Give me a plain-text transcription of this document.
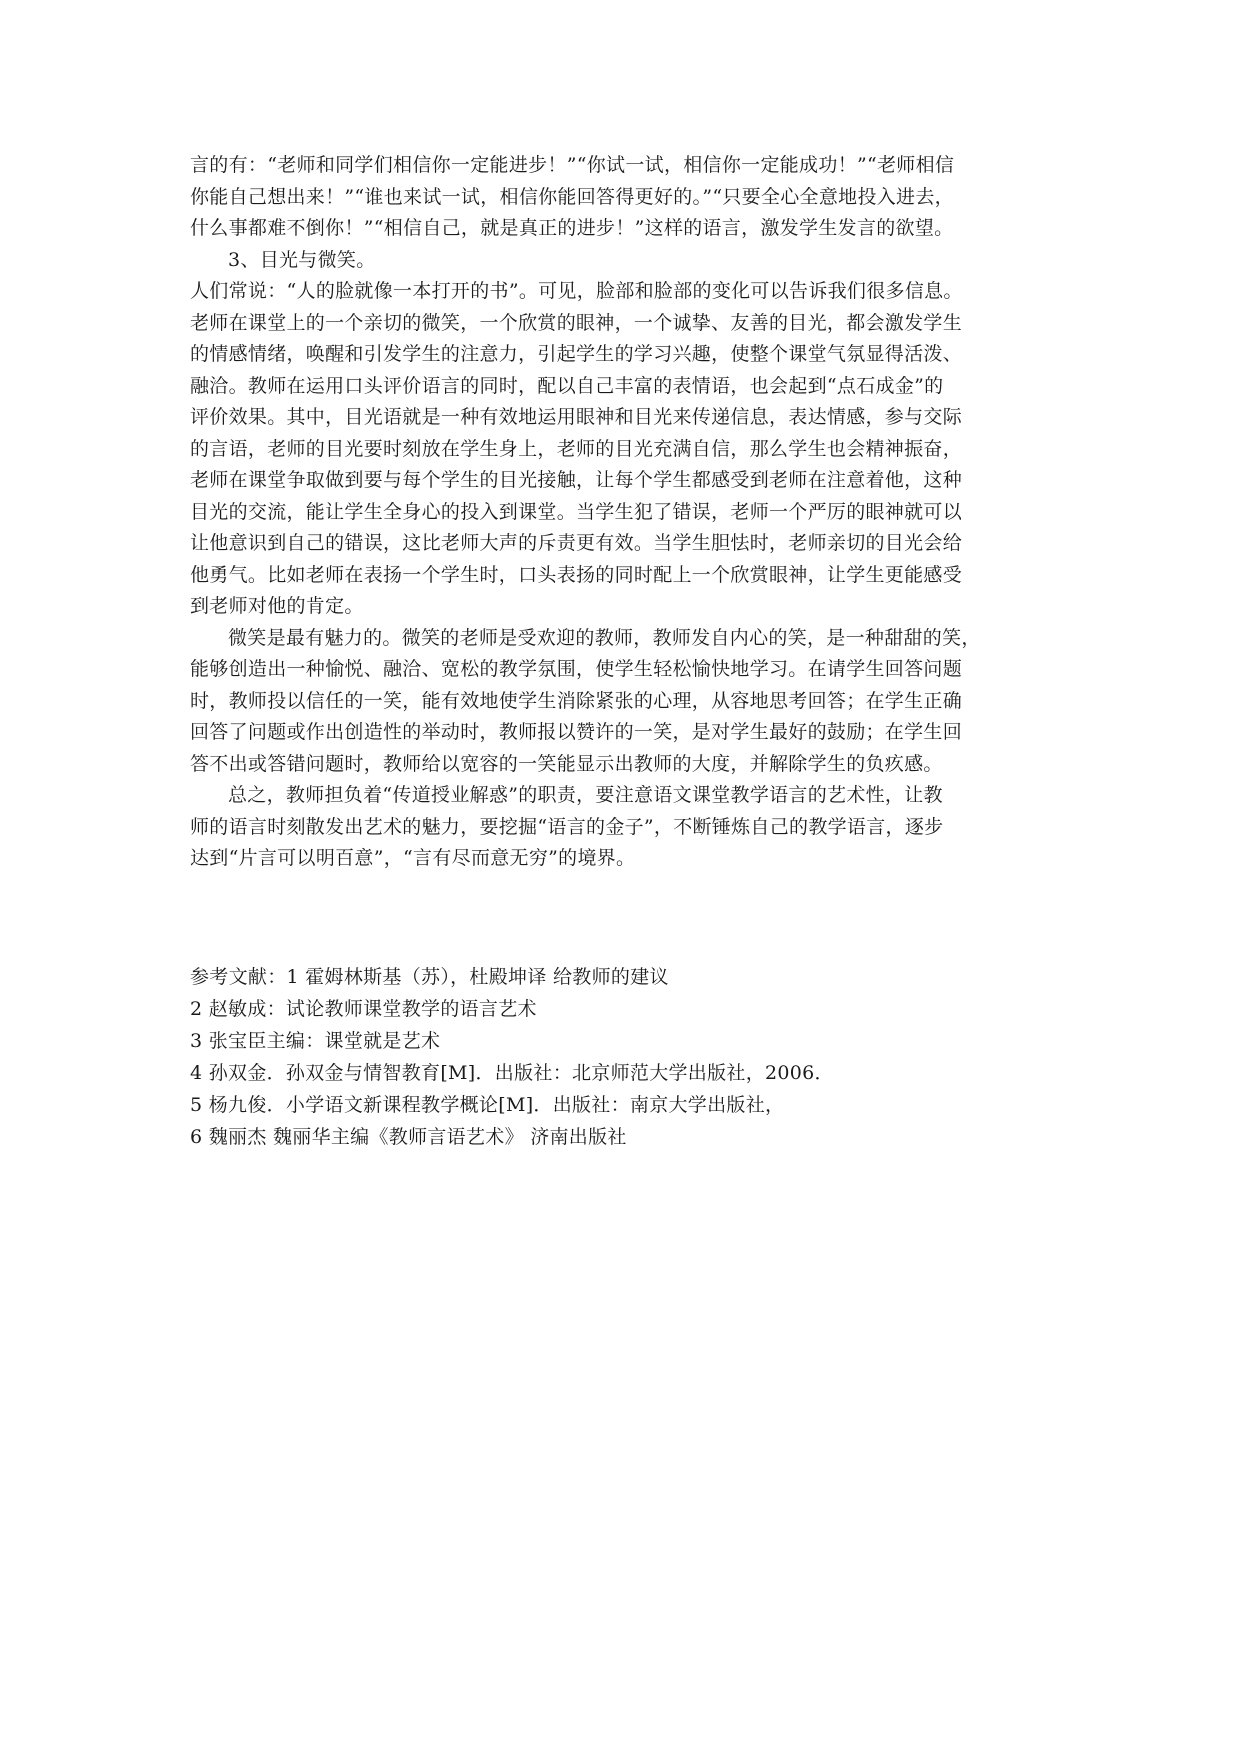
言的有：“老师和同学们相信你一定能进步！”“你试一试，相信你一定能成功！”“老师相信
你能自己想出来！”“谁也来试一试，相信你能回答得更好的。”“只要全心全意地投入进去，
什么事都难不倒你！”“相信自己，就是真正的进步！”这样的语言，激发学生发言的欲望。
3、目光与微笑。
人们常说：“人的脸就像一本打开的书”。可见，脸部和脸部的变化可以告诉我们很多信息。
老师在课堂上的一个亲切的微笑，一个欣赏的眼神，一个诚挚、友善的目光，都会激发学生
的情感情绪，唤醒和引发学生的注意力，引起学生的学习兴趣，使整个课堂气氛显得活泼、
融洽。教师在运用口头评价语言的同时，配以自己丰富的表情语，也会起到“点石成金”的
评价效果。其中，目光语就是一种有效地运用眼神和目光来传递信息，表达情感，参与交际
的言语，老师的目光要时刻放在学生身上，老师的目光充满自信，那么学生也会精神振奋，
老师在课堂争取做到要与每个学生的目光接触，让每个学生都感受到老师在注意着他，这种
目光的交流，能让学生全身心的投入到课堂。当学生犯了错误，老师一个严厉的眼神就可以
让他意识到自己的错误，这比老师大声的斥责更有效。当学生胆怯时，老师亲切的目光会给
他勇气。比如老师在表扬一个学生时，口头表扬的同时配上一个欣赏眼神，让学生更能感受
到老师对他的肯定。
微笑是最有魅力的。微笑的老师是受欢迎的教师，教师发自内心的笑，是一种甜甜的笑，
能够创造出一种愉悦、融洽、宽松的教学氛围，使学生轻松愉快地学习。在请学生回答问题
时，教师投以信任的一笑，能有效地使学生消除紧张的心理，从容地思考回答；在学生正确
回答了问题或作出创造性的举动时，教师报以赞许的一笑，是对学生最好的鼓励；在学生回
答不出或答错问题时，教师给以宽容的一笑能显示出教师的大度，并解除学生的负疚感。
总之，教师担负着“传道授业解惑”的职责，要注意语文课堂教学语言的艺术性，让教
师的语言时刻散发出艺术的魅力，要挖掘“语言的金子”，不断锤炼自己的教学语言，逐步
达到“片言可以明百意”，“言有尽而意无穷”的境界。
参考文献：1 霍姆林斯基（苏），杜殿坤译 给教师的建议
2 赵敏成：试论教师课堂教学的语言艺术
3 张宝臣主编：课堂就是艺术
4 孙双金．孙双金与情智教育[M]．出版社：北京师范大学出版社，2006．
5 杨九俊．小学语文新课程教学概论[M]．出版社：南京大学出版社，
6 魏丽杰 魏丽华主编《教师言语艺术》 济南出版社
